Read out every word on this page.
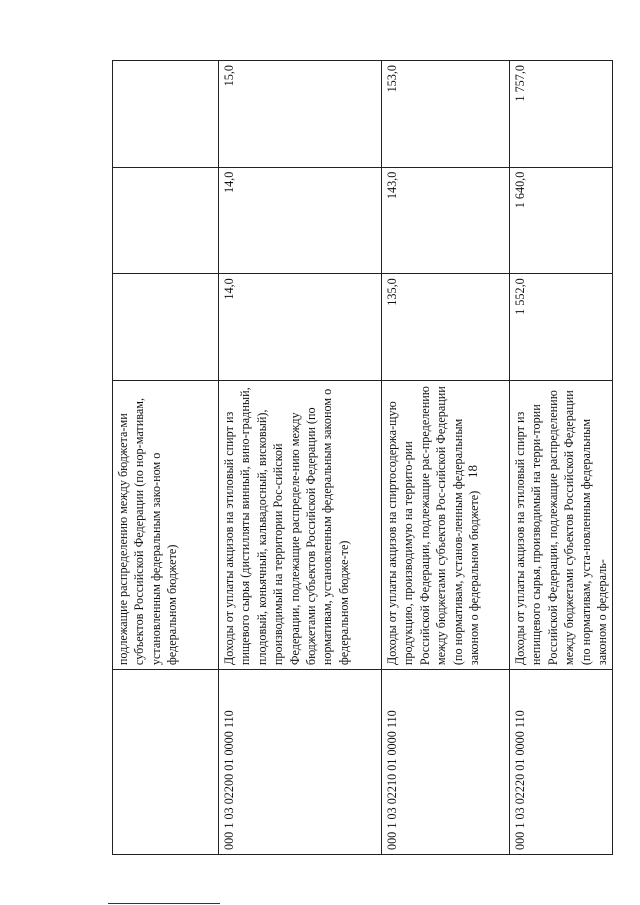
18
	подлежащие распределению между бюджета-ми субъектов Российской Федерации (по нор-мативам, установленным федеральным зако-ном о федеральном бюджете)			
000 1 03 02200 01 0000 110	Доходы от уплаты акцизов на этиловый спирт из пищевого сырья (дистилляты винный, вино-градный, плодовый, коньячный, кальвадосный, висковый), производимый на территории Рос-сийской Федерации, подлежащие распределе-нию между бюджетами субъектов Российской Федерации (по нормативам, установленным федеральным законом о федеральном бюдже-те)	14,0	14,0	15,0
000 1 03 02210 01 0000 110	Доходы от уплаты акцизов на спиртосодержа-щую продукцию, производимую на террито-рии Российской Федерации, подлежащие рас-пределению между бюджетами субъектов Рос-сийской Федерации (по нормативам, установ-ленным федеральным законом о федеральном бюджете)	135,0	143,0	153,0
000 1 03 02220 01 0000 110	Доходы от уплаты акцизов на этиловый спирт из непищевого сырья, производимый на терри-тории Российской Федерации, подлежащие распределению между бюджетами субъектов Российской Федерации (по нормативам, уста-новленным федеральным законом о федераль-	1 552,0	1 640,0	1 757,0
